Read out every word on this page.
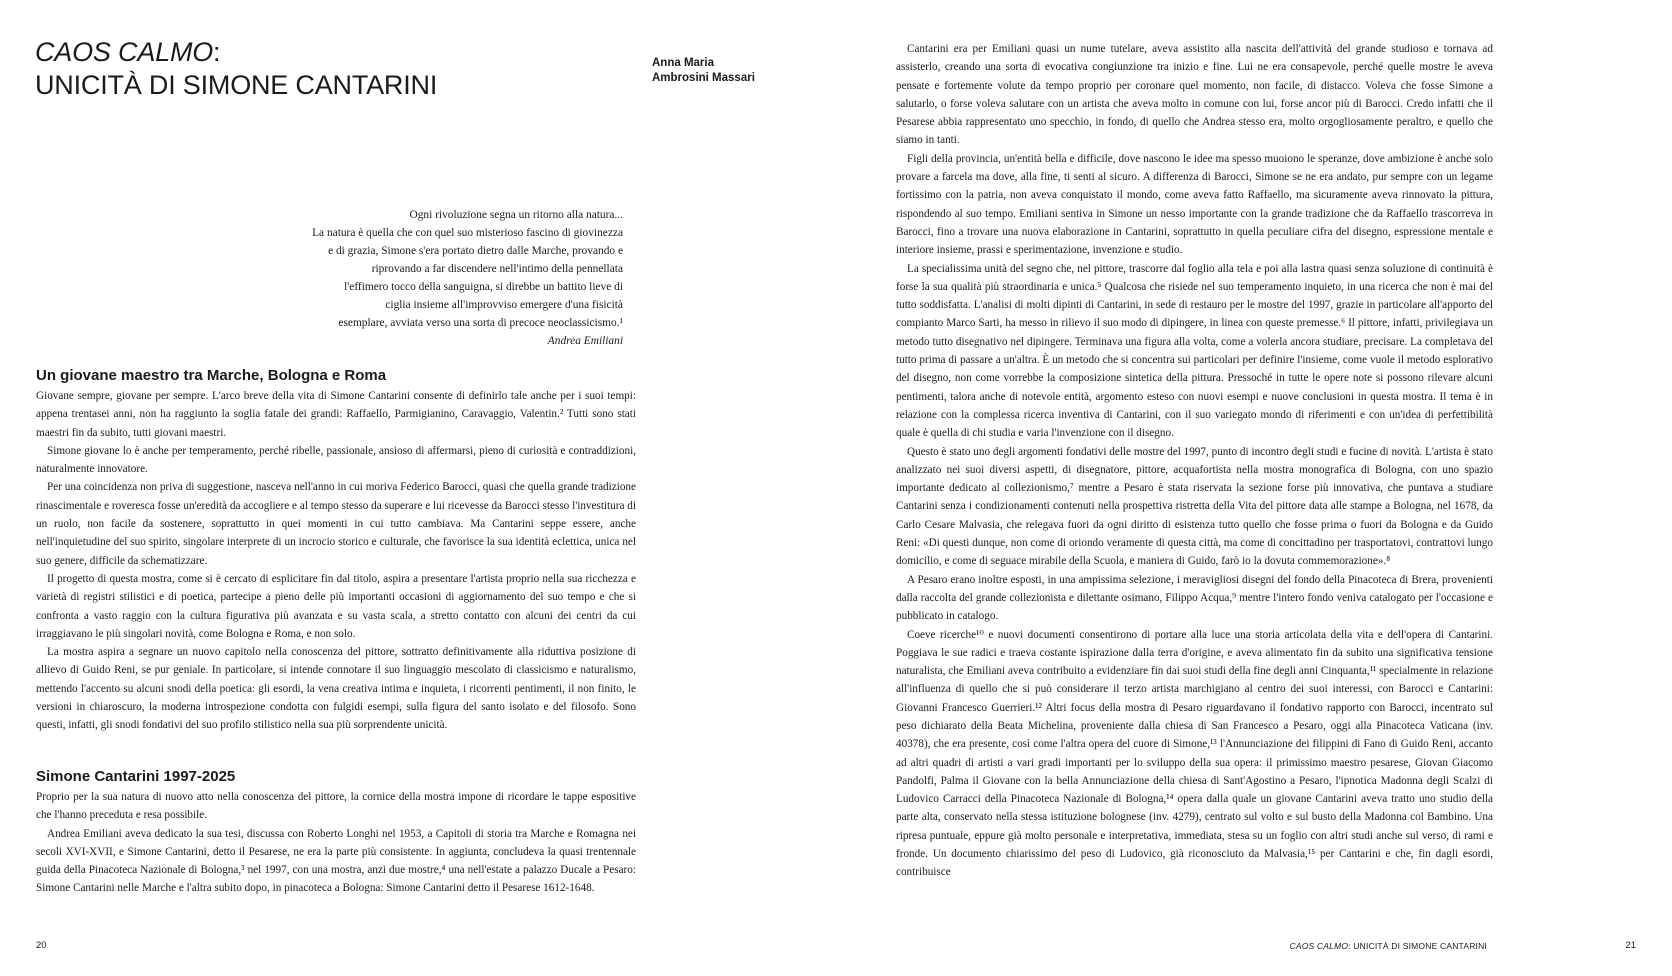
CAOS CALMO:
UNICITÀ DI SIMONE CANTARINI
Anna Maria
Ambrosini Massari
Ogni rivoluzione segna un ritorno alla natura...
La natura è quella che con quel suo misterioso fascino di giovinezza
e di grazia, Simone s'era portato dietro dalle Marche, provando e
riprovando a far discendere nell'intimo della pennellata
l'effimero tocco della sanguigna, si direbbe un battito lieve di
ciglia insieme all'improvviso emergere d'una fisicità
esemplare, avviata verso una sorta di precoce neoclassicismo.¹
Andrea Emiliani
Un giovane maestro tra Marche, Bologna e Roma

Giovane sempre, giovane per sempre. L'arco breve della vita di Simone Cantarini consente di definirlo tale anche per i suoi tempi: appena trentasei anni, non ha raggiunto la soglia fatale dei grandi: Raffaello, Parmigianino, Caravaggio, Valentin.² Tutti sono stati maestri fin da subito, tutti giovani maestri.

Simone giovane lo è anche per temperamento, perché ribelle, passionale, ansioso di affermarsi, pieno di curiosità e contraddizioni, naturalmente innovatore.

Per una coincidenza non priva di suggestione, nasceva nell'anno in cui moriva Federico Barocci, quasi che quella grande tradizione rinascimentale e roveresca fosse un'eredità da accogliere e al tempo stesso da superare e lui ricevesse da Barocci stesso l'investitura di un ruolo, non facile da sostenere, soprattutto in quei momenti in cui tutto cambiava. Ma Cantarini seppe essere, anche nell'inquietudine del suo spirito, singolare interprete di un incrocio storico e culturale, che favorisce la sua identità eclettica, unica nel suo genere, difficile da schematizzare.

Il progetto di questa mostra, come si è cercato di esplicitare fin dal titolo, aspira a presentare l'artista proprio nella sua ricchezza e varietà di registri stilistici e di poetica, partecipe a pieno delle più importanti occasioni di aggiornamento del suo tempo e che si confronta a vasto raggio con la cultura figurativa più avanzata e su vasta scala, a stretto contatto con alcuni dei centri da cui irraggiavano le più singolari novità, come Bologna e Roma, e non solo.

La mostra aspira a segnare un nuovo capitolo nella conoscenza del pittore, sottratto definitivamente alla riduttiva posizione di allievo di Guido Reni, se pur geniale. In particolare, si intende connotare il suo linguaggio mescolato di classicismo e naturalismo, mettendo l'accento su alcuni snodi della poetica: gli esordi, la vena creativa intima e inquieta, i ricorrenti pentimenti, il non finito, le versioni in chiaroscuro, la moderna introspezione condotta con fulgidi esempi, sulla figura del santo isolato e del filosofo. Sono questi, infatti, gli snodi fondativi del suo profilo stilistico nella sua più sorprendente unicità.

Simone Cantarini 1997-2025

Proprio per la sua natura di nuovo atto nella conoscenza del pittore, la cornice della mostra impone di ricordare le tappe espositive che l'hanno preceduta e resa possibile.

Andrea Emiliani aveva dedicato la sua tesi, discussa con Roberto Longhi nel 1953, a Capitoli di storia tra Marche e Romagna nei secoli XVI-XVII, e Simone Cantarini, detto il Pesarese, ne era la parte più consistente. In aggiunta, concludeva la quasi trentennale guida della Pinacoteca Nazionale di Bologna,³ nel 1997, con una mostra, anzi due mostre,⁴ una nell'estate a palazzo Ducale a Pesaro: Simone Cantarini nelle Marche e l'altra subito dopo, in pinacoteca a Bologna: Simone Cantarini detto il Pesarese 1612-1648.

20

Cantarini era per Emiliani quasi un nume tutelare, aveva assistito alla nascita dell'attività del grande studioso e tornava ad assisterlo, creando una sorta di evocativa congiunzione tra inizio e fine. Lui ne era consapevole, perché quelle mostre le aveva pensate e fortemente volute da tempo proprio per coronare quel momento, non facile, di distacco. Voleva che fosse Simone a salutarlo, o forse voleva salutare con un artista che aveva molto in comune con lui, forse ancor più di Barocci. Credo infatti che il Pesarese abbia rappresentato uno specchio, in fondo, di quello che Andrea stesso era, molto orgogliosamente peraltro, e quello che siamo in tanti.

Figli della provincia, un'entità bella e difficile, dove nascono le idee ma spesso muoiono le speranze, dove ambizione è anche solo provare a farcela ma dove, alla fine, ti senti al sicuro. A differenza di Barocci, Simone se ne era andato, pur sempre con un legame fortissimo con la patria, non aveva conquistato il mondo, come aveva fatto Raffaello, ma sicuramente aveva rinnovato la pittura, rispondendo al suo tempo. Emiliani sentiva in Simone un nesso importante con la grande tradizione che da Raffaello trascorreva in Barocci, fino a trovare una nuova elaborazione in Cantarini, soprattutto in quella peculiare cifra del disegno, espressione mentale e interiore insieme, prassi e sperimentazione, invenzione e studio.

La specialissima unità del segno che, nel pittore, trascorre dal foglio alla tela e poi alla lastra quasi senza soluzione di continuità è forse la sua qualità più straordinaria e unica.⁵ Qualcosa che risiede nel suo temperamento inquieto, in una ricerca che non è mai del tutto soddisfatta. L'analisi di molti dipinti di Cantarini, in sede di restauro per le mostre del 1997, grazie in particolare all'apporto del compianto Marco Sarti, ha messo in rilievo il suo modo di dipingere, in linea con queste premesse.⁶ Il pittore, infatti, privilegiava un metodo tutto disegnativo nel dipingere. Terminava una figura alla volta, come a volerla ancora studiare, precisare. La completava del tutto prima di passare a un'altra. È un metodo che si concentra sui particolari per definire l'insieme, come vuole il metodo esplorativo del disegno, non come vorrebbe la composizione sintetica della pittura. Pressoché in tutte le opere note si possono rilevare alcuni pentimenti, talora anche di notevole entità, argomento esteso con nuovi esempi e nuove conclusioni in questa mostra. Il tema è in relazione con la complessa ricerca inventiva di Cantarini, con il suo variegato mondo di riferimenti e con un'idea di perfettibilità quale è quella di chi studia e varia l'invenzione con il disegno.

Questo è stato uno degli argomenti fondativi delle mostre del 1997, punto di incontro degli studi e fucine di novità. L'artista è stato analizzato nei suoi diversi aspetti, di disegnatore, pittore, acquafortista nella mostra monografica di Bologna, con uno spazio importante dedicato al collezionismo,⁷ mentre a Pesaro è stata riservata la sezione forse più innovativa, che puntava a studiare Cantarini senza i condizionamenti contenuti nella prospettiva ristretta della Vita del pittore data alle stampe a Bologna, nel 1678, da Carlo Cesare Malvasia, che relegava fuori da ogni diritto di esistenza tutto quello che fosse prima o fuori da Bologna e da Guido Reni: «Di questi dunque, non come di oriondo veramente di questa città, ma come di concittadino per trasportatovi, contrattovi lungo domicilio, e come di seguace mirabile della Scuola, e maniera di Guido, farò io la dovuta commemorazione».⁸

A Pesaro erano inoltre esposti, in una ampissima selezione, i meravigliosi disegni del fondo della Pinacoteca di Brera, provenienti dalla raccolta del grande collezionista e dilettante osimano, Filippo Acqua,⁹ mentre l'intero fondo veniva catalogato per l'occasione e pubblicato in catalogo.

Coeve ricerche¹⁰ e nuovi documenti consentirono di portare alla luce una storia articolata della vita e dell'opera di Cantarini. Poggiava le sue radici e traeva costante ispirazione dalla terra d'origine, e aveva alimentato fin da subito una significativa tensione naturalista, che Emiliani aveva contribuito a evidenziare fin dai suoi studi della fine degli anni Cinquanta,¹¹ specialmente in relazione all'influenza di quello che si può considerare il terzo artista marchigiano al centro dei suoi interessi, con Barocci e Cantarini: Giovanni Francesco Guerrieri.¹² Altri focus della mostra di Pesaro riguardavano il fondativo rapporto con Barocci, incentrato sul peso dichiarato della Beata Michelina, proveniente dalla chiesa di San Francesco a Pesaro, oggi alla Pinacoteca Vaticana (inv. 40378), che era presente, così come l'altra opera del cuore di Simone,¹³ l'Annunciazione dei filippini di Fano di Guido Reni, accanto ad altri quadri di artisti a vari gradi importanti per lo sviluppo della sua opera: il primissimo maestro pesarese, Giovan Giacomo Pandolfi, Palma il Giovane con la bella Annunciazione della chiesa di Sant'Agostino a Pesaro, l'ipnotica Madonna degli Scalzi di Ludovico Carracci della Pinacoteca Nazionale di Bologna,¹⁴ opera dalla quale un giovane Cantarini aveva tratto uno studio della parte alta, conservato nella stessa istituzione bolognese (inv. 4279), centrato sul volto e sul busto della Madonna col Bambino. Una ripresa puntuale, eppure già molto personale e interpretativa, immediata, stesa su un foglio con altri studi anche sul verso, di rami e fronde. Un documento chiarissimo del peso di Ludovico, già riconosciuto da Malvasia,¹⁵ per Cantarini e che, fin dagli esordi, contribuisce

CAOS CALMO: UNICITÀ DI SIMONE CANTARINI	21
